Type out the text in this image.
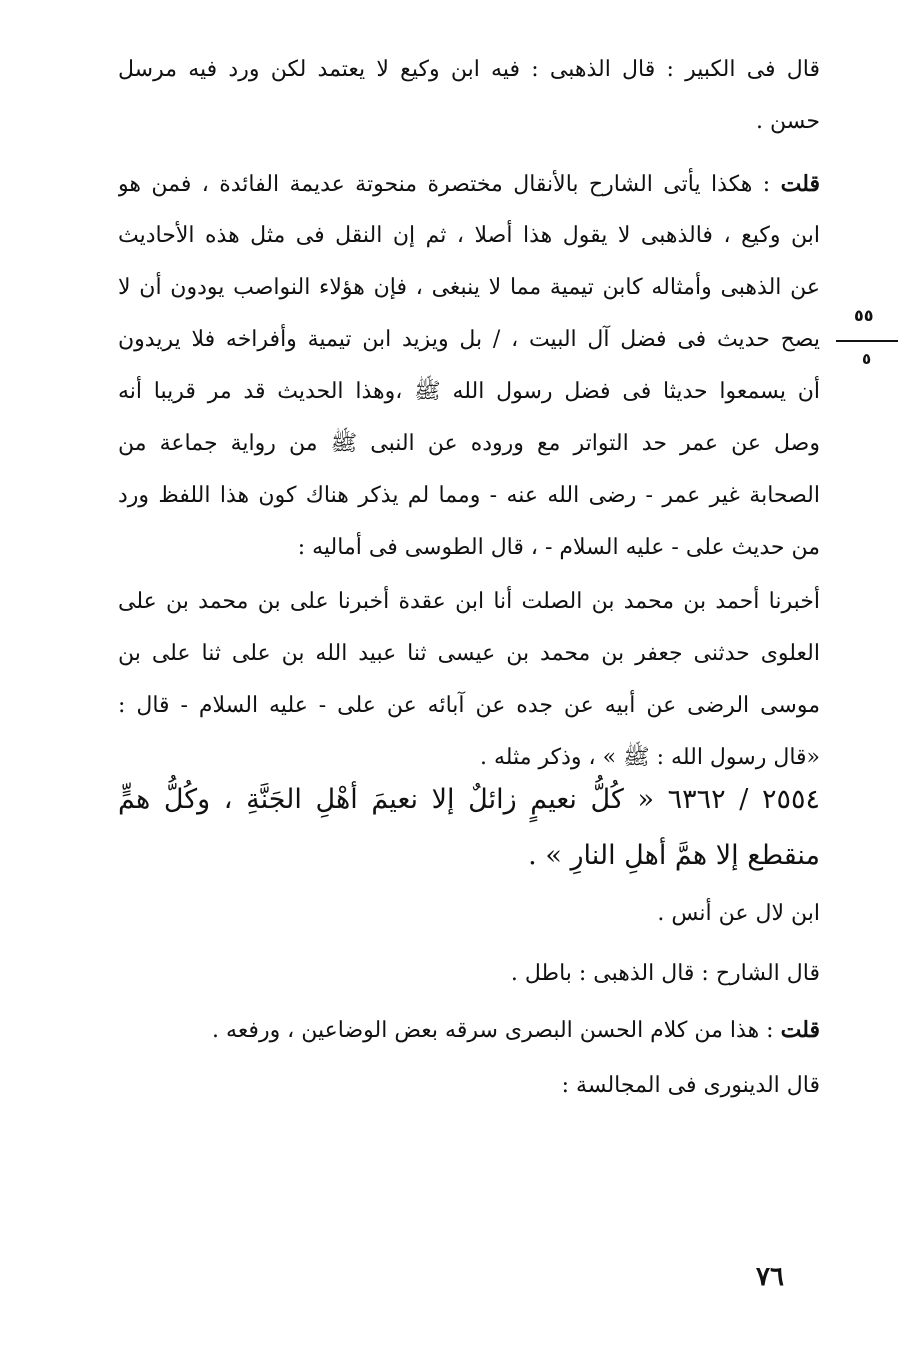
قال فى الكبير : قال الذهبى : فيه ابن وكيع لا يعتمد لكن ورد فيه مرسل
حسن .
قلت : هكذا يأتى الشارح بالأنقال مختصرة منحوتة عديمة الفائدة ، فمن هو
ابن وكيع ، فالذهبى لا يقول هذا أصلا ، ثم إن النقل فى مثل هذه الأحاديث
عن الذهبى وأمثاله كابن تيمية مما لا ينبغى ، فإن هؤلاء النواصب يودون أن لا
يصح حديث فى فضل آل البيت ، / بل ويزيد ابن تيمية وأفراخه فلا يريدون
أن يسمعوا حديثا فى فضل رسول الله ﷺ ،وهذا الحديث قد مر قريبا أنه
وصل عن عمر حد التواتر مع وروده عن النبى ﷺ من رواية جماعة من
الصحابة غير عمر - رضى الله عنه - ومما لم يذكر هناك كون هذا اللفظ ورد
من حديث على - عليه السلام - ، قال الطوسى فى أماليه :
أخبرنا أحمد بن محمد بن الصلت أنا ابن عقدة أخبرنا على بن محمد بن على
العلوى حدثنى جعفر بن محمد بن عيسى ثنا عبيد الله بن على ثنا على بن
موسى الرضى عن أبيه عن جده عن آبائه عن على - عليه السلام - قال :
«قال رسول الله : ﷺ » ، وذكر مثله .
٢٥٥٤ / ٦٣٦٢ « كُلُّ نعيمٍ زائلٌ إلا نعيمَ أهْلِ الجَنَّةِ ، وكُلُّ همٍّ
منقطع إلا همَّ أهلِ النارِ » .
ابن لال عن أنس .
قال الشارح : قال الذهبى : باطل .
قلت : هذا من كلام الحسن البصرى سرقه بعض الوضاعين ، ورفعه .
قال الدينورى فى المجالسة :
٥٥
٥
٧٦
